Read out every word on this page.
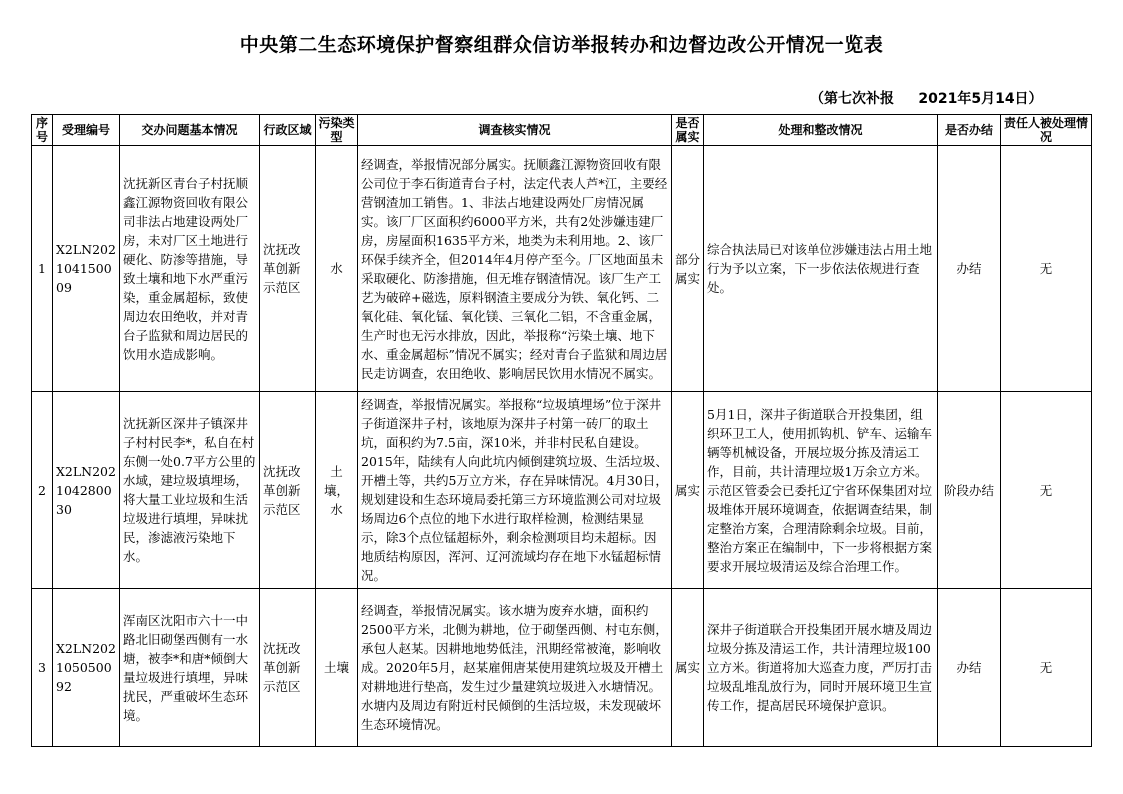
中央第二生态环境保护督察组群众信访举报转办和边督边改公开情况一览表
（第七次补报     2021年5月14日）
序号	受理编号	交办问题基本情况	行政区域	污染类型	调查核实情况	是否属实	处理和整改情况	是否办结	责任人被处理情况
1	X2LN202104150009	沈抚新区青台子村抚顺鑫江源物资回收有限公司非法占地建设两处厂房，未对厂区土地进行硬化、防渗等措施，导致土壤和地下水严重污染，重金属超标，致使周边农田绝收，并对青台子监狱和周边居民的饮用水造成影响。	沈抚改革创新示范区	水	经调查，举报情况部分属实。抚顺鑫江源物资回收有限公司位于李石街道青台子村，法定代表人芦*江，主要经营钢渣加工销售。1、非法占地建设两处厂房情况属实。该厂厂区面积约6000平方米，共有2处涉嫌违建厂房，房屋面积1635平方米，地类为未利用地。2、该厂环保手续齐全，但2014年4月停产至今。厂区地面虽未采取硬化、防渗措施，但无堆存钢渣情况。该厂生产工艺为破碎+磁选，原料钢渣主要成分为铁、氧化钙、二氧化硅、氧化锰、氧化镁、三氧化二铝，不含重金属，生产时也无污水排放，因此，举报称“污染土壤、地下水、重金属超标”情况不属实；经对青台子监狱和周边居民走访调查，农田绝收、影响居民饮用水情况不属实。	部分属实	综合执法局已对该单位涉嫌违法占用土地行为予以立案，下一步依法依规进行查处。	办结	无
2	X2LN202104280030	沈抚新区深井子镇深井子村村民李*，私自在村东侧一处0.7平方公里的水域，建垃圾填埋场，将大量工业垃圾和生活垃圾进行填埋，异味扰民，渗滤液污染地下水。	沈抚改革创新示范区	土壤，水	经调查，举报情况属实。举报称“垃圾填埋场”位于深井子街道深井子村，该地原为深井子村第一砖厂的取土坑，面积约为7.5亩，深10米，并非村民私自建设。2015年，陆续有人向此坑内倾倒建筑垃圾、生活垃圾、开槽土等，共约5万立方米，存在异味情况。4月30日，规划建设和生态环境局委托第三方环境监测公司对垃圾场周边6个点位的地下水进行取样检测，检测结果显示，除3个点位锰超标外，剩余检测项目均未超标。因地质结构原因，浑河、辽河流域均存在地下水锰超标情况。	属实	5月1日，深井子街道联合开投集团，组织环卫工人，使用抓钩机、铲车、运输车辆等机械设备，开展垃圾分拣及清运工作，目前，共计清理垃圾1万余立方米。示范区管委会已委托辽宁省环保集团对垃圾堆体开展环境调查，依据调查结果，制定整治方案，合理清除剩余垃圾。目前，整治方案正在编制中，下一步将根据方案要求开展垃圾清运及综合治理工作。	阶段办结	无
3	X2LN202105050092	浑南区沈阳市六十一中路北旧砌堡西侧有一水塘，被李*和唐*倾倒大量垃圾进行填埋，异味扰民，严重破坏生态环境。	沈抚改革创新示范区	土壤	经调查，举报情况属实。该水塘为废弃水塘，面积约2500平方米，北侧为耕地，位于砌堡西侧、村屯东侧，承包人赵某。因耕地地势低洼，汛期经常被淹，影响收成。2020年5月，赵某雇佣唐某使用建筑垃圾及开槽土对耕地进行垫高，发生过少量建筑垃圾进入水塘情况。水塘内及周边有附近村民倾倒的生活垃圾，未发现破坏生态环境情况。	属实	深井子街道联合开投集团开展水塘及周边垃圾分拣及清运工作，共计清理垃圾100立方米。街道将加大巡查力度，严厉打击垃圾乱堆乱放行为，同时开展环境卫生宣传工作，提高居民环境保护意识。	办结	无
